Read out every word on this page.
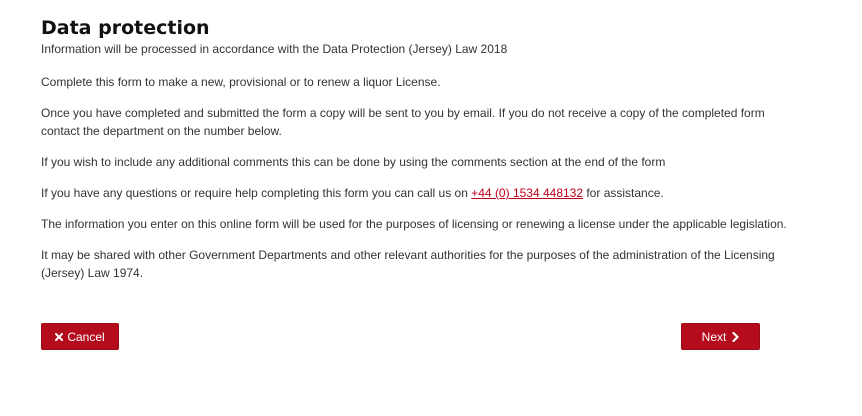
Data protection

Information will be processed in accordance with the Data Protection (Jersey) Law 2018

Complete this form to make a new, provisional or to renew a liquor License.

Once you have completed and submitted the form a copy will be sent to you by email. If you do not receive a copy of the completed form contact the department on the number below.

If you wish to include any additional comments this can be done by using the comments section at the end of the form

If you have any questions or require help completing this form you can call us on +44 (0) 1534 448132 for assistance.

The information you enter on this online form will be used for the purposes of licensing or renewing a license under the applicable legislation.

It may be shared with other Government Departments and other relevant authorities for the purposes of the administration of the Licensing (Jersey) Law 1974.

Cancel	Next
